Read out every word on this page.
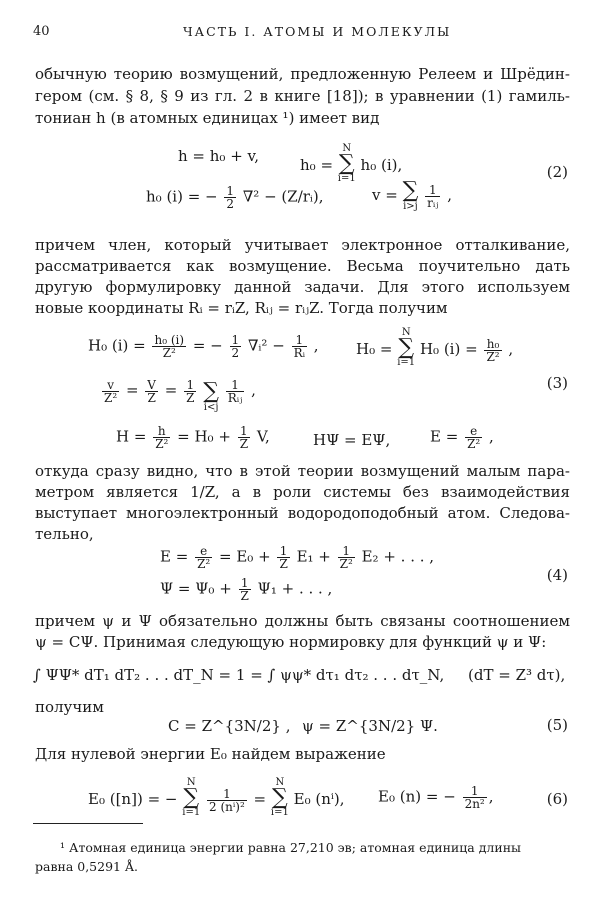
40	ЧАСТЬ I. АТОМЫ И МОЛЕКУЛЫ
обычную теорию возмущений, предложенную Релеем и Шрёдин-
гером (см. § 8, § 9 из гл. 2 в книге [18]); в уравнении (1) гамиль-
тониан h (в атомных единицах ¹) имеет вид
h = h₀ + v,	h₀ =
N
∑
i=1
h₀ (i),
h₀ (i) = − $\frac{1}{2} \nabla^2$ − (Z/rᵢ),	v = ∑
i>j
$\frac{1}{\text{rᵢⱼ}}$ ,
(2)
причем член, который учитывает электронное отталкивание,
рассматривается как возмущение. Весьма поучительно дать
другую формулировку данной задачи. Для этого используем
новые координаты Rᵢ = rᵢZ, Rᵢⱼ = rᵢⱼZ. Тогда получим
H₀ $(i) = \frac{\text{h₀ (i)}}{\text{Z²}}$ = − $\frac{1}{2}$ ∇ᵢ² − $\frac{1}{\text{Rᵢ}}$ , H₀ =
N
∑
i=1
H₀ $(i) = \frac{\text{h₀}}{\text{Z²}}$ ,
$\frac{v}{\text{Z²}} = \frac{V}{Z} = \frac{1}{Z}$
∑
i<j

$\frac{1}{\text{Rᵢⱼ}}$ ,	(3)
$H = \frac{h}{\text{Z²}} = H_0 + \frac{1}{Z} V$,	HΨ = EΨ,	$E = \frac{e}{\text{Z²}}$ ,
откуда сразу видно, что в этой теории возмущений малым пара-
метром является 1/Z, а в роли системы без взаимодействия
выступает многоэлектронный водородоподобный атом. Следова-
тельно,
$E = \frac{e}{\text{Z²}} = E_0 + \frac{1}{Z} E_1 + \frac{1}{\text{Z²}} E_2$ + . . . ,
$\Psi = \Psi_0 + \frac{1}{Z} \Psi_1$ + . . . ,
(4)
причем ψ и Ψ обязательно должны быть связаны соотношением
ψ = CΨ. Принимая следующую нормировку для функций ψ и Ψ:
∫ ΨΨ* dT₁ dT₂ . . . dT_N = 1 = ∫ ψψ* dτ₁ dτ₂ . . . dτ_N, (dT = Z³ dτ),
получим
C = Z^{3N/2} , ψ = Z^{3N/2} Ψ.	(5)
Для нулевой энергии E₀ найдем выражение
E₀ ([n]) = −
N
∑
i=1
$\frac{1}{\text{2 (nⁱ)²}}$ =
N
∑
i=1
E₀ (nⁱ), E₀ (n) = − $\frac{1}{\text{2n²}}$ ,	(6)
¹ Атомная единица энергии равна 27,210 эв; атомная единица длины
равна 0,5291 Å.
